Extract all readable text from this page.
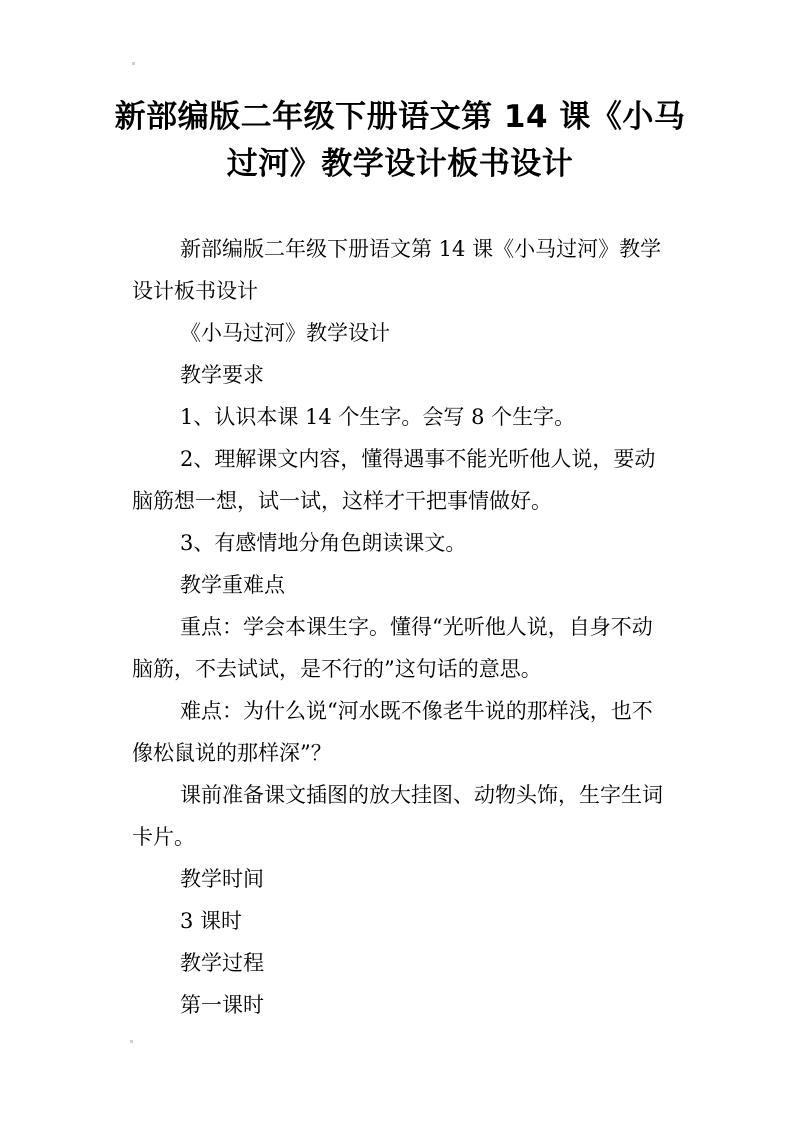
新部编版二年级下册语文第 14 课《小马过河》教学设计板书设计

新部编版二年级下册语文第 14 课《小马过河》教学设计板书设计

《小马过河》教学设计

教学要求

1、认识本课 14 个生字。会写 8 个生字。

2、理解课文内容，懂得遇事不能光听他人说，要动脑筋想一想，试一试，这样才干把事情做好。

3、有感情地分角色朗读课文。

教学重难点

重点：学会本课生字。懂得“光听他人说，自身不动脑筋，不去试试，是不行的”这句话的意思。

难点：为什么说“河水既不像老牛说的那样浅，也不像松鼠说的那样深”？

课前准备课文插图的放大挂图、动物头饰，生字生词卡片。

教学时间

3 课时

教学过程

第一课时
